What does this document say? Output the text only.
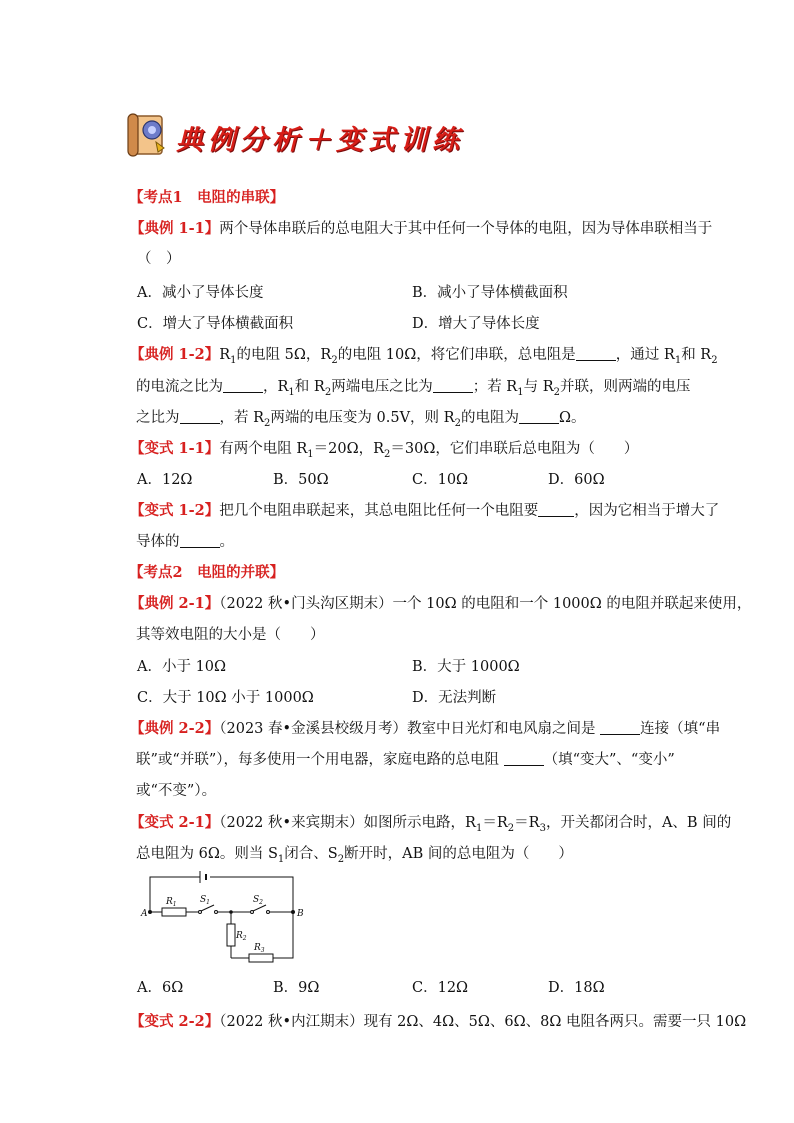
典例分析＋变式训练
【考点1　电阻的串联】
【典例 1-1】两个导体串联后的总电阻大于其中任何一个导体的电阻，因为导体串联相当于
（　）
A．减小了导体长度	B．减小了导体横截面积
C．增大了导体横截面积	D．增大了导体长度
【典例 1-2】$R_1$的电阻 5Ω，$R_2$的电阻 10Ω，将它们串联，总电阻是	，通过 $R_1$和 $R_2$
的电流之比为	，$R_1$和 $R_2$两端电压之比为	；若 $R_1$与 $R_2$并联，则两端的电压
之比为	，若 $R_2$两端的电压变为 0.5V，则 $R_2$的电阻为	Ω。
【变式 1-1】有两个电阻 $R_1=20\Omega$，$R_2=30\Omega$，它们串联后总电阻为（　　）
A．12Ω	B．50Ω	C．10Ω	D．60Ω
【变式 1-2】把几个电阻串联起来，其总电阻比任何一个电阻要 ，因为它相当于增大了
导体的	。
【考点2　电阻的并联】
【典例 2-1】（2022 秋•门头沟区期末）一个 10Ω 的电阻和一个 1000Ω 的电阻并联起来使用，
其等效电阻的大小是（　　）
A．小于 10Ω	B．大于 1000Ω
C．大于 10Ω 小于 1000Ω	D．无法判断
【典例 2-2】（2023 春•金溪县校级月考）教室中日光灯和电风扇之间是	连接（填“串
联”或“并联”），每多使用一个用电器，家庭电路的总电阻	（填“变大”、“变小”
或“不变”）。
【变式 2-1】（2022 秋•来宾期末）如图所示电路，$R_1=R_2=R_3$，开关都闭合时，A、B 间的
总电阻为 6Ω。则当 $S_1$闭合、$S_2$断开时，AB 间的总电阻为（　　）
$R_1$	$S_1$	$S_2$
$R_2$
$R_3$
A	B
A．6Ω	B．9Ω	C．12Ω	D．18Ω
【变式 2-2】（2022 秋•内江期末）现有 2Ω、4Ω、5Ω、6Ω、8Ω 电阻各两只。需要一只 10Ω
